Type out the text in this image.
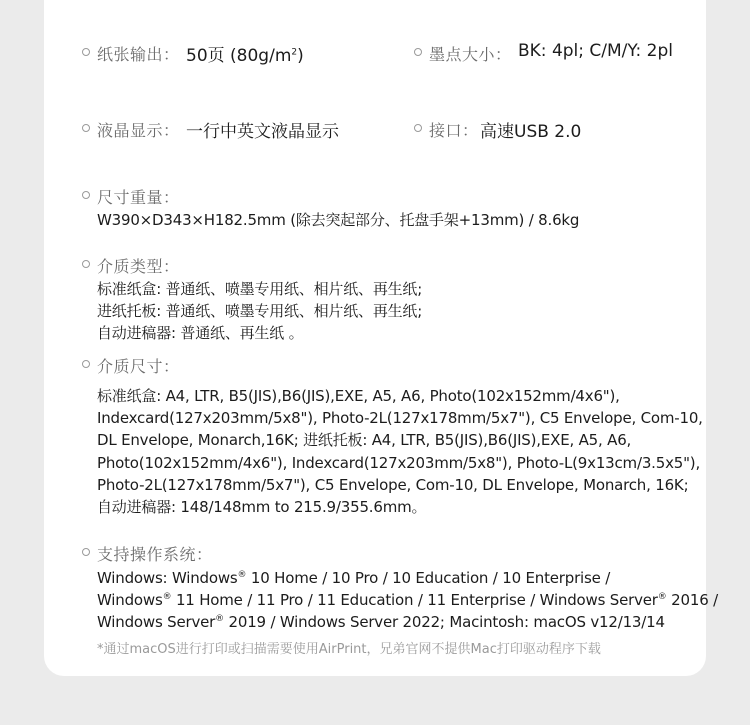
纸张输出： 50页 $(80g/m^2)$	墨点大小： BK: 4pl; C/M/Y: 2pl
液晶显示： 一行中英文液晶显示	接口： 高速USB 2.0
尺寸重量：
W390×D343×H182.5mm (除去突起部分、托盘手架+13mm) / 8.6kg
介质类型：
标准纸盒: 普通纸、喷墨专用纸、相片纸、再生纸;
进纸托板: 普通纸、喷墨专用纸、相片纸、再生纸;
自动进稿器: 普通纸、再生纸 。
介质尺寸：
标准纸盒: A4, LTR, B5(JIS),B6(JIS),EXE, A5, A6, Photo(102x152mm/4x6"),
Indexcard(127x203mm/5x8"), Photo-2L(127x178mm/5x7"), C5 Envelope, Com-10,
DL Envelope, Monarch,16K; 进纸托板: A4, LTR, B5(JIS),B6(JIS),EXE, A5, A6,
Photo(102x152mm/4x6"), Indexcard(127x203mm/5x8"), Photo-L(9x13cm/3.5x5"),
Photo-2L(127x178mm/5x7"), C5 Envelope, Com-10, DL Envelope, Monarch, 16K;
自动进稿器: 148/148mm to 215.9/355.6mm。
支持操作系统：
Windows: Windows® 10 Home / 10 Pro / 10 Education / 10 Enterprise /
Windows® 11 Home / 11 Pro / 11 Education / 11 Enterprise / Windows Server® 2016 /
Windows Server® 2019 / Windows Server 2022; Macintosh: macOS v12/13/14
*通过macOS进行打印或扫描需要使用AirPrint，兄弟官网不提供Mac打印驱动程序下载
